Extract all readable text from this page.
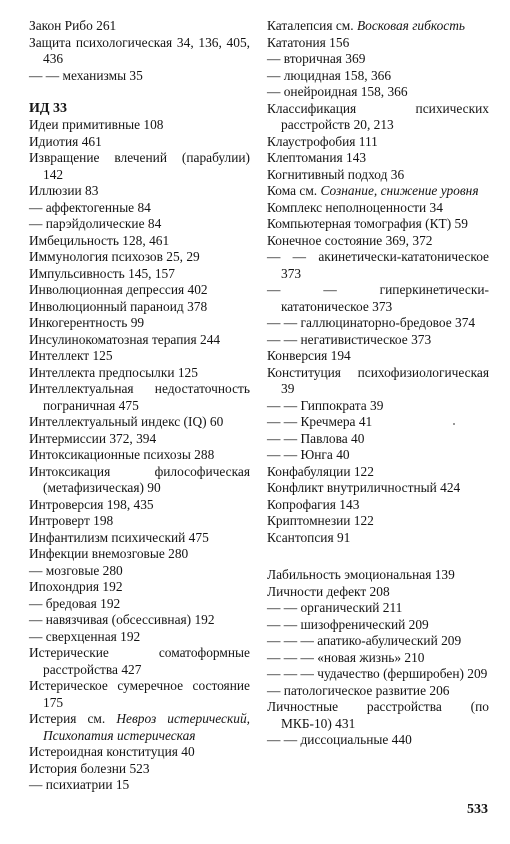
Закон Рибо 261

Защита психологическая 34, 136, 405, 436

— — механизмы 35

ИД 33

Идеи примитивные 108

Идиотия 461

Извращение влечений (парабулии) 142

Иллюзии 83

— аффектогенные 84

— парэйдолические 84

Имбецильность 128, 461

Иммунология психозов 25, 29

Импульсивность 145, 157

Инволюционная депрессия 402

Инволюционный параноид 378

Инкогерентность 99

Инсулинокоматозная терапия 244

Интеллект 125

Интеллекта предпосылки 125

Интеллектуальная недостаточность пограничная 475

Интеллектуальный индекс (IQ) 60

Интермиссии 372, 394

Интоксикационные психозы 288

Интоксикация философическая (метафизическая) 90

Интроверсия 198, 435

Интроверт 198

Инфантилизм психический 475

Инфекции внемозговые 280

— мозговые 280

Ипохондрия 192

— бредовая 192

— навязчивая (обсессивная) 192

— сверхценная 192

Истерические соматоформные расстройства 427

Истерическое сумеречное состояние 175

Истерия см. Невроз истерический, Психопатия истерическая

Истероидная конституция 40

История болезни 523

— психиатрии 15

Каталепсия см. Восковая гибкость

Кататония 156

— вторичная 369

— люцидная 158, 366

— онейроидная 158, 366

Классификация психических расстройств 20, 213

Клаустрофобия 111

Клептомания 143

Когнитивный подход 36

Кома см. Сознание, снижение уровня

Комплекс неполноценности 34

Компьютерная томография (КТ) 59

Конечное состояние 369, 372

— — акинетически-кататоническое 373

— — гиперкинетически-кататоническое 373

— — галлюцинаторно-бредовое 374

— — негативистическое 373

Конверсия 194

Конституция психофизиологическая 39

— — Гиппократа 39

— — Кречмера 41

— — Павлова 40

— — Юнга 40

Конфабуляции 122

Конфликт внутриличностный 424

Копрофагия 143

Криптомнезии 122

Ксантопсия 91

Лабильность эмоциональная 139

Личности дефект 208

— — органический 211

— — шизофренический 209

— — — апатико-абулический 209

— — — «новая жизнь» 210

— — — чудачество (ферширобен) 209

— патологическое развитие 206

Личностные расстройства (по МКБ-10) 431

— — диссоциальные 440

533
